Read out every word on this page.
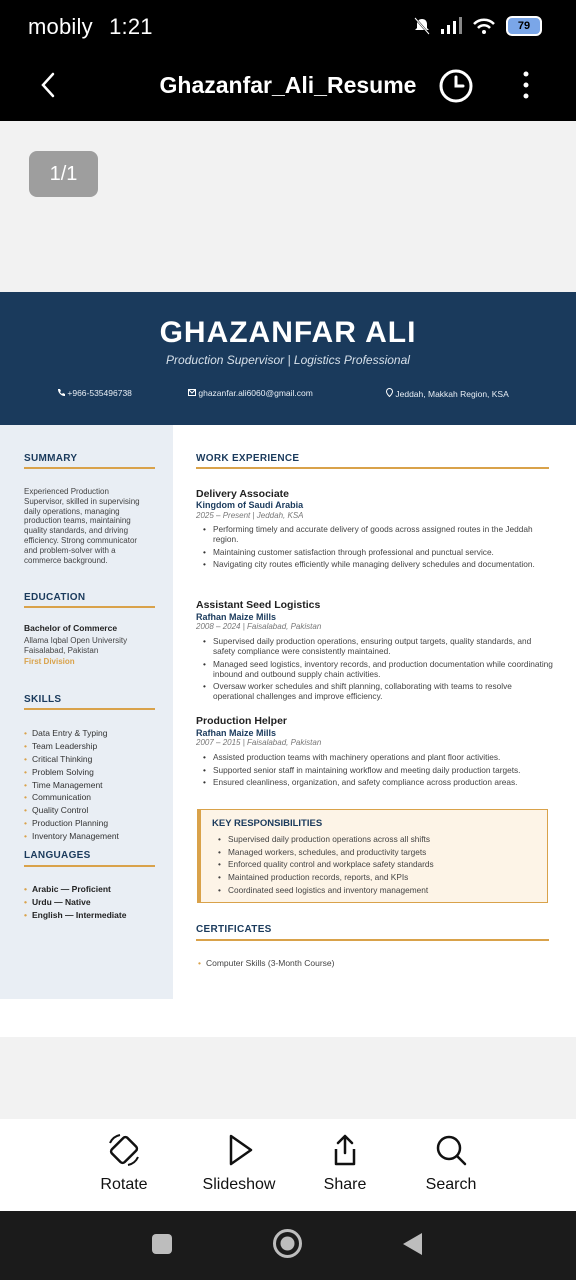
mobily 1:21	79
Ghazanfar_Ali_Resume
1/1
GHAZANFAR ALI
Production Supervisor | Logistics Professional
+966-535496738	ghazanfar.ali6060@gmail.com	Jeddah, Makkah Region, KSA
SUMMARY
Experienced Production
Supervisor, skilled in supervising
daily operations, managing
production teams, maintaining
quality standards, and driving
efficiency. Strong communicator
and problem-solver with a
commerce background.
EDUCATION
Bachelor of Commerce
Allama Iqbal Open University
Faisalabad, Pakistan
First Division
SKILLS
• Data Entry & Typing
• Team Leadership
• Critical Thinking
• Problem Solving
• Time Management
• Communication
• Quality Control
• Production Planning
• Inventory Management
LANGUAGES
• Arabic — Proficient
• Urdu — Native
• English — Intermediate
WORK EXPERIENCE
Delivery Associate
Kingdom of Saudi Arabia
2025 – Present | Jeddah, KSA
• Performing timely and accurate delivery of goods across assigned routes in the Jeddah region.
• Maintaining customer satisfaction through professional and punctual service.
• Navigating city routes efficiently while managing delivery schedules and documentation.
Assistant Seed Logistics
Rafhan Maize Mills
2008 – 2024 | Faisalabad, Pakistan
• Supervised daily production operations, ensuring output targets, quality standards, and safety compliance were consistently maintained.
• Managed seed logistics, inventory records, and production documentation while coordinating inbound and outbound supply chain activities.
• Oversaw worker schedules and shift planning, collaborating with teams to resolve operational challenges and improve efficiency.
Production Helper
Rafhan Maize Mills
2007 – 2015 | Faisalabad, Pakistan
• Assisted production teams with machinery operations and plant floor activities.
• Supported senior staff in maintaining workflow and meeting daily production targets.
• Ensured cleanliness, organization, and safety compliance across production areas.
KEY RESPONSIBILITIES
• Supervised daily production operations across all shifts
• Managed workers, schedules, and productivity targets
• Enforced quality control and workplace safety standards
• Maintained production records, reports, and KPIs
• Coordinated seed logistics and inventory management
CERTIFICATES
• Computer Skills (3-Month Course)
Rotate	Slideshow	Share	Search
